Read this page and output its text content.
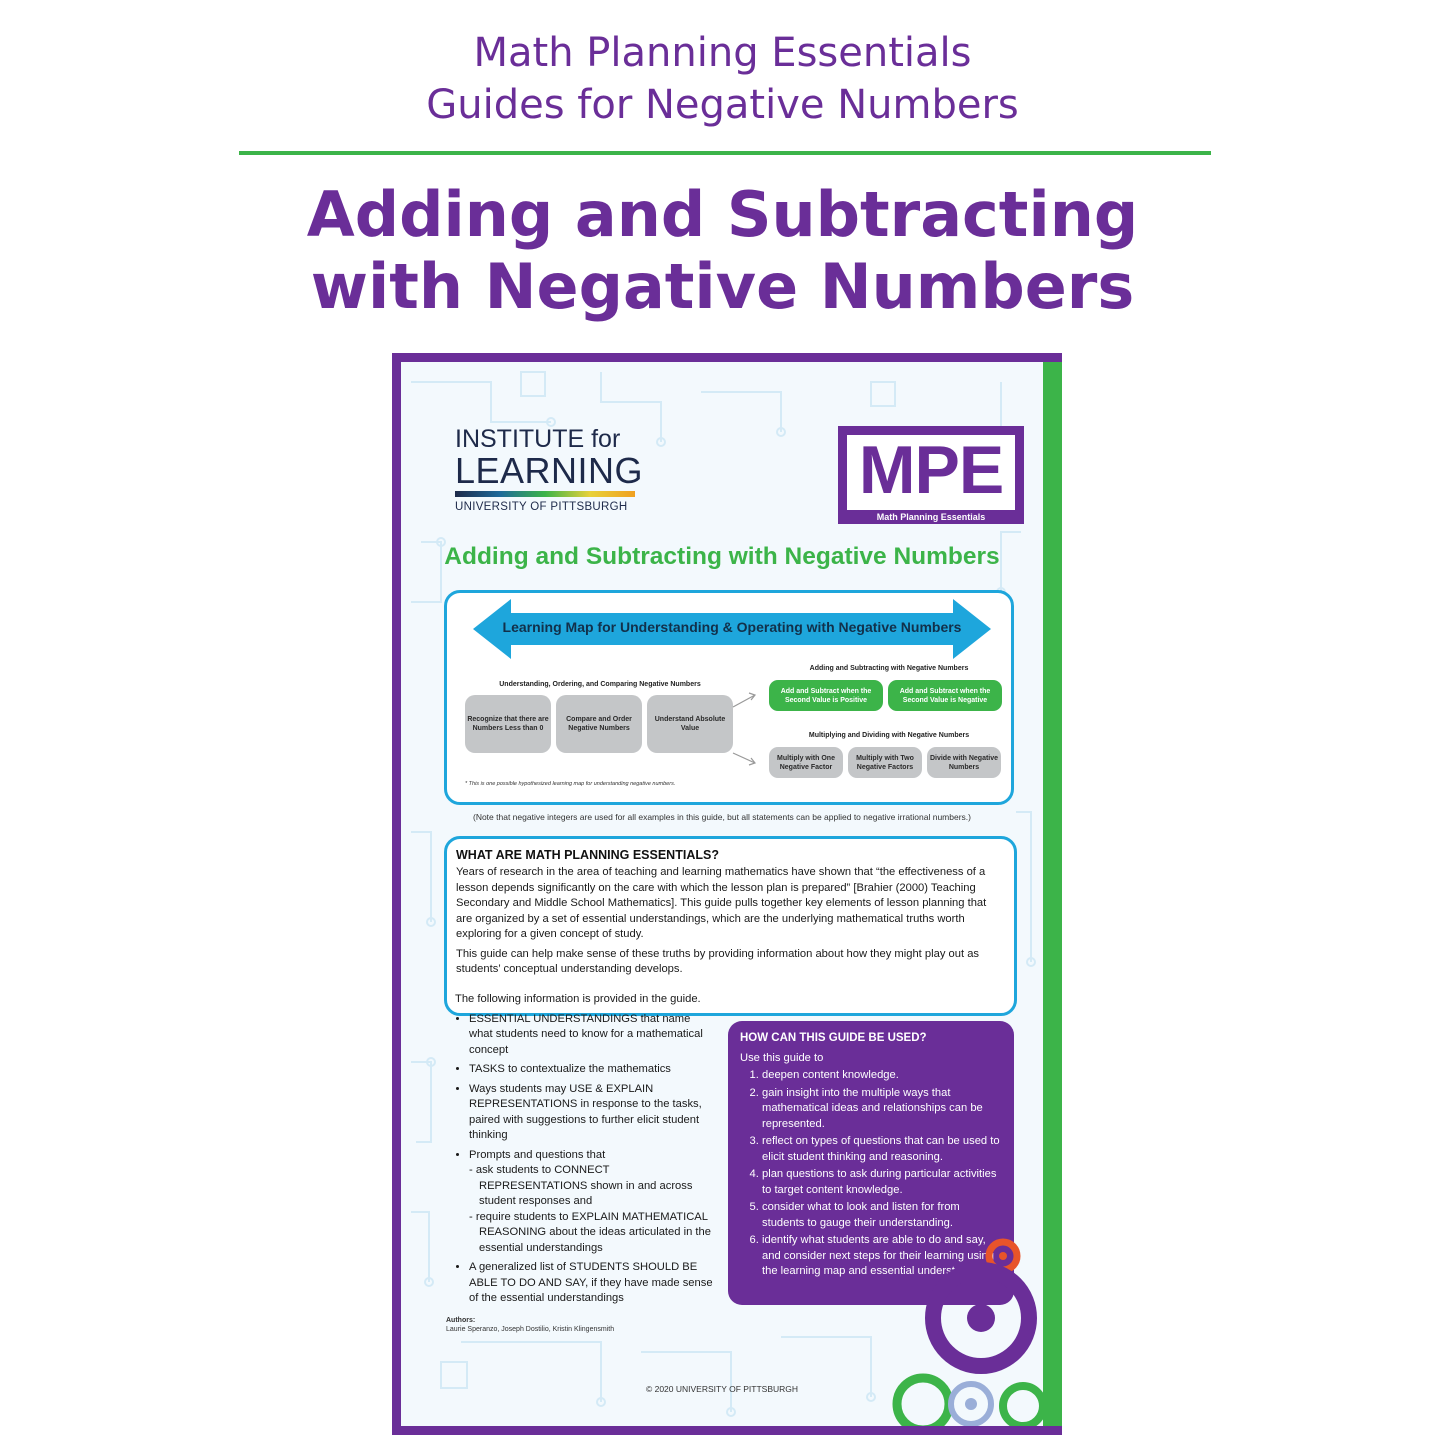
Math Planning Essentials
Guides for Negative Numbers
Adding and Subtracting
with Negative Numbers
INSTITUTE for
LEARNING
UNIVERSITY OF PITTSBURGH	MPE
Math Planning Essentials
Adding and Subtracting with Negative Numbers
Learning Map for Understanding & Operating with Negative Numbers
Understanding, Ordering, and Comparing Negative Numbers
Recognize that there are Numbers Less than 0
Compare and Order Negative Numbers
Understand Absolute Value
Adding and Subtracting with Negative Numbers
Add and Subtract when the Second Value is Positive
Add and Subtract when the Second Value is Negative
Multiplying and Dividing with Negative Numbers
Multiply with One Negative Factor
Multiply with Two Negative Factors
Divide with Negative Numbers
* This is one possible hypothesized learning map for understanding negative numbers.
(Note that negative integers are used for all examples in this guide, but all statements can be applied to negative irrational numbers.)
WHAT ARE MATH PLANNING ESSENTIALS?
Years of research in the area of teaching and learning mathematics have shown that “the effectiveness of a lesson depends significantly on the care with which the lesson plan is prepared” [Brahier (2000) Teaching Secondary and Middle School Mathematics]. This guide pulls together key elements of lesson planning that are organized by a set of essential understandings, which are the underlying mathematical truths worth exploring for a given concept of study.
This guide can help make sense of these truths by providing information about how they might play out as students’ conceptual understanding develops.
The following information is provided in the guide.
• ESSENTIAL UNDERSTANDINGS that name what students need to know for a mathematical concept
• TASKS to contextualize the mathematics
• Ways students may USE & EXPLAIN REPRESENTATIONS in response to the tasks, paired with suggestions to further elicit student thinking
• Prompts and questions that
- ask students to CONNECT REPRESENTATIONS shown in and across student responses and
- require students to EXPLAIN MATHEMATICAL REASONING about the ideas articulated in the essential understandings
• A generalized list of STUDENTS SHOULD BE ABLE TO DO AND SAY, if they have made sense of the essential understandings
HOW CAN THIS GUIDE BE USED?
Use this guide to
1. deepen content knowledge.
2. gain insight into the multiple ways that mathematical ideas and relationships can be represented.
3. reflect on types of questions that can be used to elicit student thinking and reasoning.
4. plan questions to ask during particular activities to target content knowledge.
5. consider what to look and listen for from students to gauge their understanding.
6. identify what students are able to do and say, and consider next steps for their learning using the learning map and essential understandings.
Authors:
Laurie Speranzo, Joseph Dostilio, Kristin Klingensmith
© 2020 UNIVERSITY OF PITTSBURGH
